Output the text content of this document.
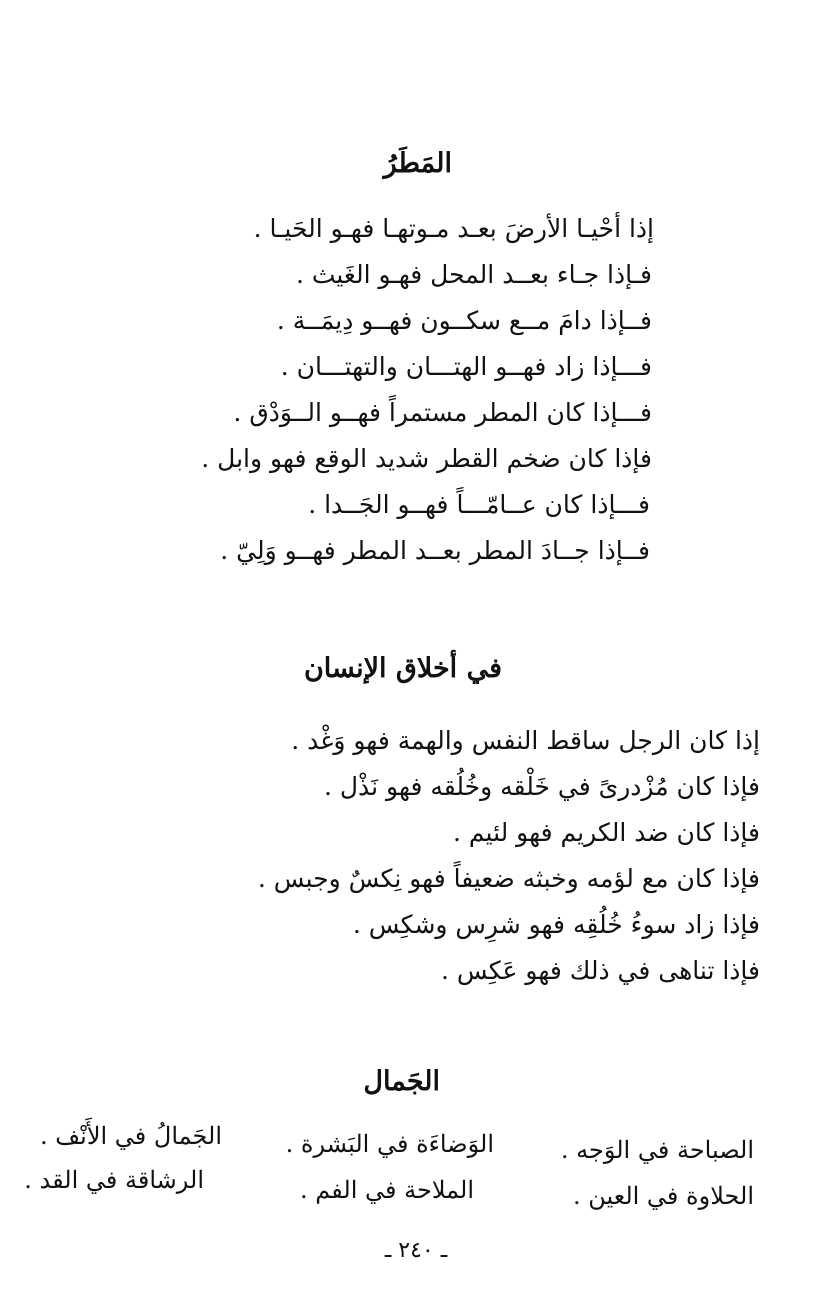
المَطَرُ
إذا أحْيـا الأرضَ بعـد مـوتهـا فهـو الحَيـا .
فـإذا جـاء بعــد المحل فهـو الغَيث .
فــإذا دامَ مــع سكــون فهــو دِيمَــة .
فـــإذا زاد فهــو الهتـــان والتهتـــان .
فـــإذا كان المطر مستمراً فهــو الــوَدْق .
فإذا كان ضخم القطر شديد الوقع فهو وابل .
فـــإذا كان عــامّـــاً فهــو الجَــدا .
فــإذا جــادَ المطر بعــد المطر فهــو وَلِيّ .
في أخلاق الإنسان
إذا كان الرجل ساقط النفس والهمة فهو وَغْد .
فإذا كان مُزْدرىً في خَلْقه وخُلُقه فهو نَذْل .
فإذا كان ضد الكريم فهو لئيم .
فإذا كان مع لؤمه وخبثه ضعيفاً فهو نِكسٌ وجبس .
فإذا زاد سوءُ خُلُقِه فهو شرِس وشكِس .
فإذا تناهى في ذلك فهو عَكِس .
الجَمال
الصباحة في الوَجه .
الحلاوة في العين .
الوَضاءَة في البَشرة .
الملاحة في الفم .
الجَمالُ في الأَنْف .
الرشاقة في القد .
ـ ٢٤٠ ـ
